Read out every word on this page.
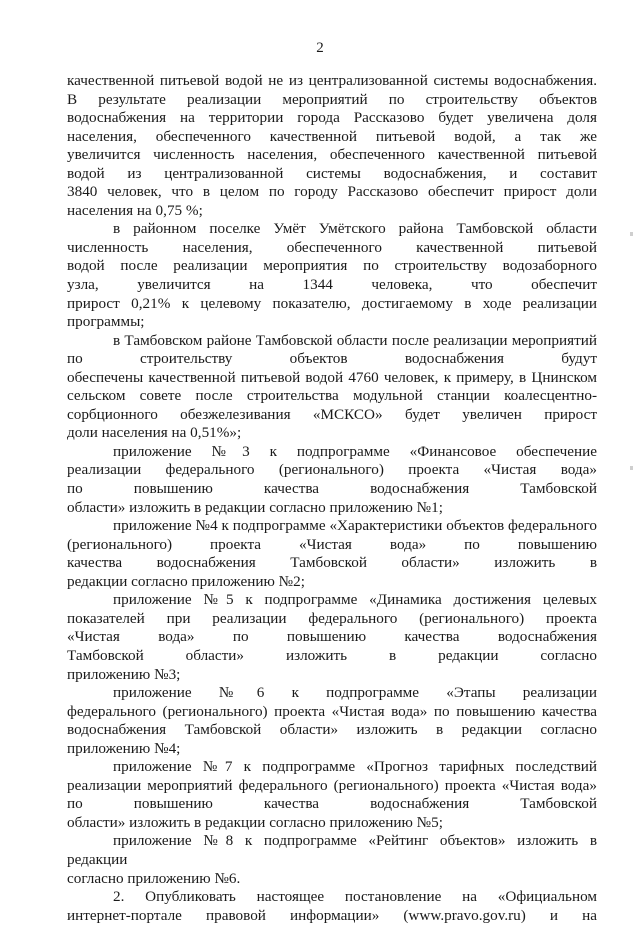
2
качественной питьевой водой не из централизованной системы водоснабжения.
В результате реализации мероприятий по строительству объектов
водоснабжения на территории города Рассказово будет увеличена доля
населения, обеспеченного качественной питьевой водой, а так же
увеличится численность населения, обеспеченного качественной питьевой
водой из централизованной системы водоснабжения, и составит
3840 человек, что в целом по городу Рассказово обеспечит прирост доли
населения на 0,75 %;
в районном поселке Умёт Умётского района Тамбовской области
численность населения, обеспеченного качественной питьевой
водой после реализации мероприятия по строительству водозаборного
узла, увеличится на 1344 человека, что обеспечит
прирост 0,21% к целевому показателю, достигаемому в ходе реализации
программы;
в Тамбовском районе Тамбовской области после реализации мероприятий
по строительству объектов водоснабжения будут
обеспечены качественной питьевой водой 4760 человек, к примеру, в Цнинском
сельском совете после строительства модульной станции коалесцентно-
сорбционного обезжелезивания «МСКСО» будет увеличен прирост
доли населения на 0,51%»;
приложение №3 к подпрограмме «Финансовое обеспечение
реализации федерального (регионального) проекта «Чистая вода»
по повышению качества водоснабжения Тамбовской
области» изложить в редакции согласно приложению №1;
приложение №4 к подпрограмме «Характеристики объектов федерального
(регионального) проекта «Чистая вода» по повышению
качества водоснабжения Тамбовской области» изложить в
редакции согласно приложению №2;
приложение №5 к подпрограмме «Динамика достижения целевых
показателей при реализации федерального (регионального) проекта
«Чистая вода» по повышению качества водоснабжения
Тамбовской области» изложить в редакции согласно
приложению №3;
приложение №6 к подпрограмме «Этапы реализации
федерального (регионального) проекта «Чистая вода» по повышению качества
водоснабжения Тамбовской области» изложить в редакции согласно
приложению №4;
приложение №7 к подпрограмме «Прогноз тарифных последствий
реализации мероприятий федерального (регионального) проекта «Чистая вода»
по повышению качества водоснабжения Тамбовской
области» изложить в редакции согласно приложению №5;
приложение №8 к подпрограмме «Рейтинг объектов» изложить в редакции
согласно приложению №6.
2. Опубликовать настоящее постановление на «Официальном
интернет-портале правовой информации» (www.pravo.gov.ru) и на
